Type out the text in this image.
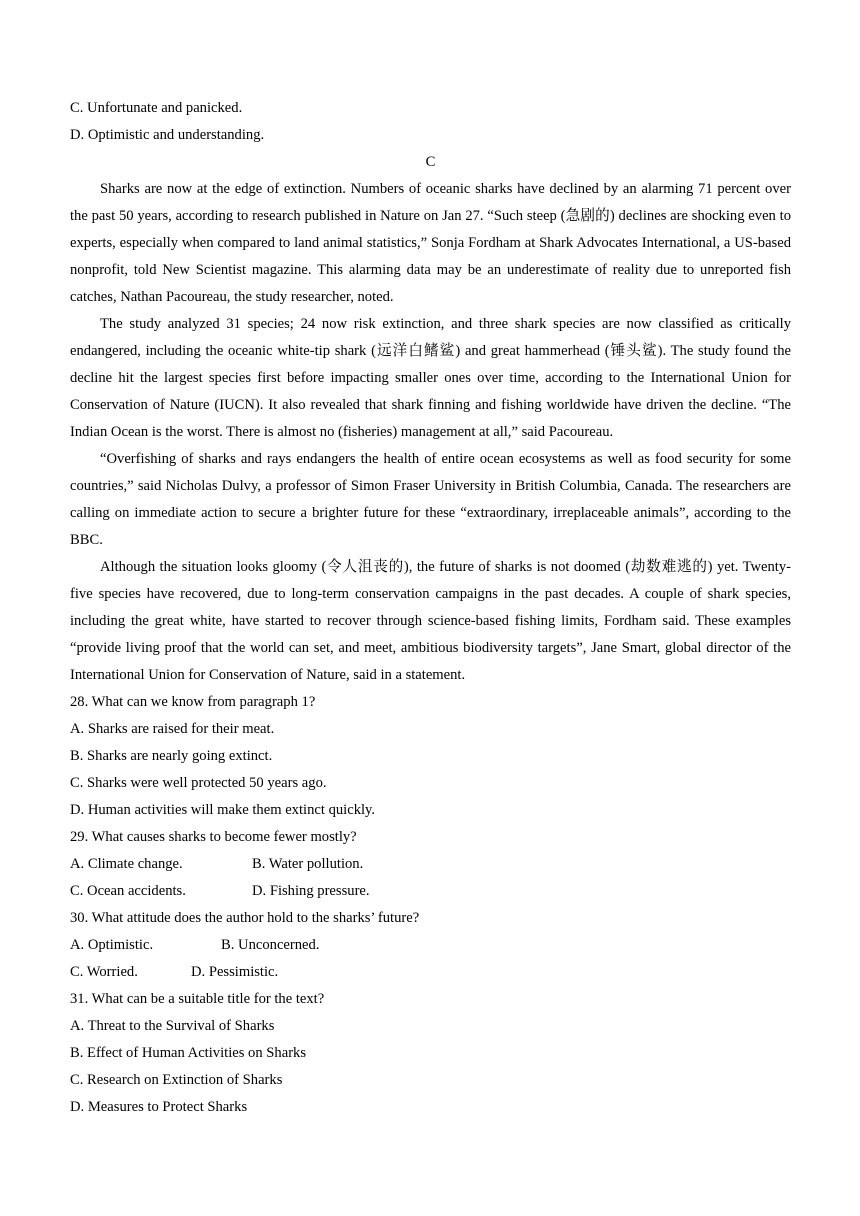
C. Unfortunate and panicked.

D. Optimistic and understanding.

C

Sharks are now at the edge of extinction. Numbers of oceanic sharks have declined by an alarming 71 percent over the past 50 years, according to research published in Nature on Jan 27. “Such steep (急剧的) declines are shocking even to experts, especially when compared to land animal statistics,” Sonja Fordham at Shark Advocates International, a US-based nonprofit, told New Scientist magazine. This alarming data may be an underestimate of reality due to unreported fish catches, Nathan Pacoureau, the study researcher, noted.

The study analyzed 31 species; 24 now risk extinction, and three shark species are now classified as critically endangered, including the oceanic white-tip shark (远洋白鳍鲨) and great hammerhead (锤头鲨). The study found the decline hit the largest species first before impacting smaller ones over time, according to the International Union for Conservation of Nature (IUCN). It also revealed that shark finning and fishing worldwide have driven the decline. “The Indian Ocean is the worst. There is almost no (fisheries) management at all,” said Pacoureau.

“Overfishing of sharks and rays endangers the health of entire ocean ecosystems as well as food security for some countries,” said Nicholas Dulvy, a professor of Simon Fraser University in British Columbia, Canada. The researchers are calling on immediate action to secure a brighter future for these “extraordinary, irreplaceable animals”, according to the BBC.

Although the situation looks gloomy (令人沮丧的), the future of sharks is not doomed (劫数难逃的) yet. Twenty-five species have recovered, due to long-term conservation campaigns in the past decades. A couple of shark species, including the great white, have started to recover through science-based fishing limits, Fordham said. These examples “provide living proof that the world can set, and meet, ambitious biodiversity targets”, Jane Smart, global director of the International Union for Conservation of Nature, said in a statement.

28. What can we know from paragraph 1?

A. Sharks are raised for their meat.

B. Sharks are nearly going extinct.

C. Sharks were well protected 50 years ago.

D. Human activities will make them extinct quickly.

29. What causes sharks to become fewer mostly?

A. Climate change.	B. Water pollution.
C. Ocean accidents.	D. Fishing pressure.

30. What attitude does the author hold to the sharks’ future?

A. Optimistic.	B. Unconcerned.
C. Worried.	D. Pessimistic.

31. What can be a suitable title for the text?

A. Threat to the Survival of Sharks

B. Effect of Human Activities on Sharks

C. Research on Extinction of Sharks

D. Measures to Protect Sharks
